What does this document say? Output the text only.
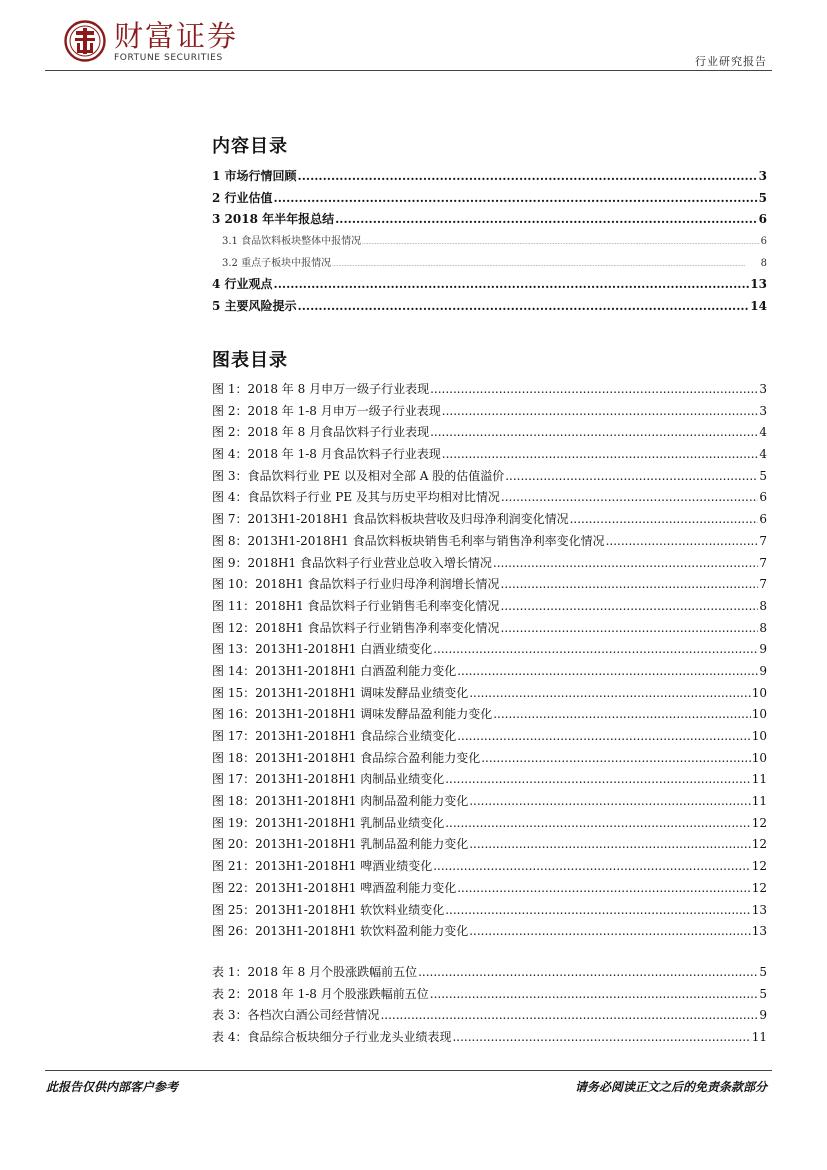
财富证券
FORTUNE SECURITIES	行业研究报告
内容目录
1 市场行情回顾 .....	3
2 行业估值 .....	5
3 2018 年半年报总结 .....	6
3.1 食品饮料板块整体中报情况 .....	6
3.2 重点子板块中报情况 .....	8
4 行业观点 .....	13
5 主要风险提示 .....	14
图表目录
图 1：2018 年 8 月申万一级子行业表现 .....	3
图 2：2018 年 1-8 月申万一级子行业表现 .....	3
图 2：2018 年 8 月食品饮料子行业表现 .....	4
图 4：2018 年 1-8 月食品饮料子行业表现 .....	4
图 3：食品饮料行业 PE 以及相对全部 A 股的估值溢价 .....	5
图 4：食品饮料子行业 PE 及其与历史平均相对比情况 .....	6
图 7：2013H1-2018H1 食品饮料板块营收及归母净利润变化情况 .....	6
图 8：2013H1-2018H1 食品饮料板块销售毛利率与销售净利率变化情况 .....	7
图 9：2018H1 食品饮料子行业营业总收入增长情况 .....	7
图 10：2018H1 食品饮料子行业归母净利润增长情况 .....	7
图 11：2018H1 食品饮料子行业销售毛利率变化情况 .....	8
图 12：2018H1 食品饮料子行业销售净利率变化情况 .....	8
图 13：2013H1-2018H1 白酒业绩变化 .....	9
图 14：2013H1-2018H1 白酒盈利能力变化 .....	9
图 15：2013H1-2018H1 调味发酵品业绩变化 .....	10
图 16：2013H1-2018H1 调味发酵品盈利能力变化 .....	10
图 17：2013H1-2018H1 食品综合业绩变化 .....	10
图 18：2013H1-2018H1 食品综合盈利能力变化 .....	10
图 17：2013H1-2018H1 肉制品业绩变化 .....	11
图 18：2013H1-2018H1 肉制品盈利能力变化 .....	11
图 19：2013H1-2018H1 乳制品业绩变化 .....	12
图 20：2013H1-2018H1 乳制品盈利能力变化 .....	12
图 21：2013H1-2018H1 啤酒业绩变化 .....	12
图 22：2013H1-2018H1 啤酒盈利能力变化 .....	12
图 25：2013H1-2018H1 软饮料业绩变化 .....	13
图 26：2013H1-2018H1 软饮料盈利能力变化 .....	13
表 1：2018 年 8 月个股涨跌幅前五位 .....	5
表 2：2018 年 1-8 月个股涨跌幅前五位 .....	5
表 3：各档次白酒公司经营情况 .....	9
表 4：食品综合板块细分子行业龙头业绩表现 .....	11
此报告仅供内部客户参考	请务必阅读正文之后的免责条款部分
